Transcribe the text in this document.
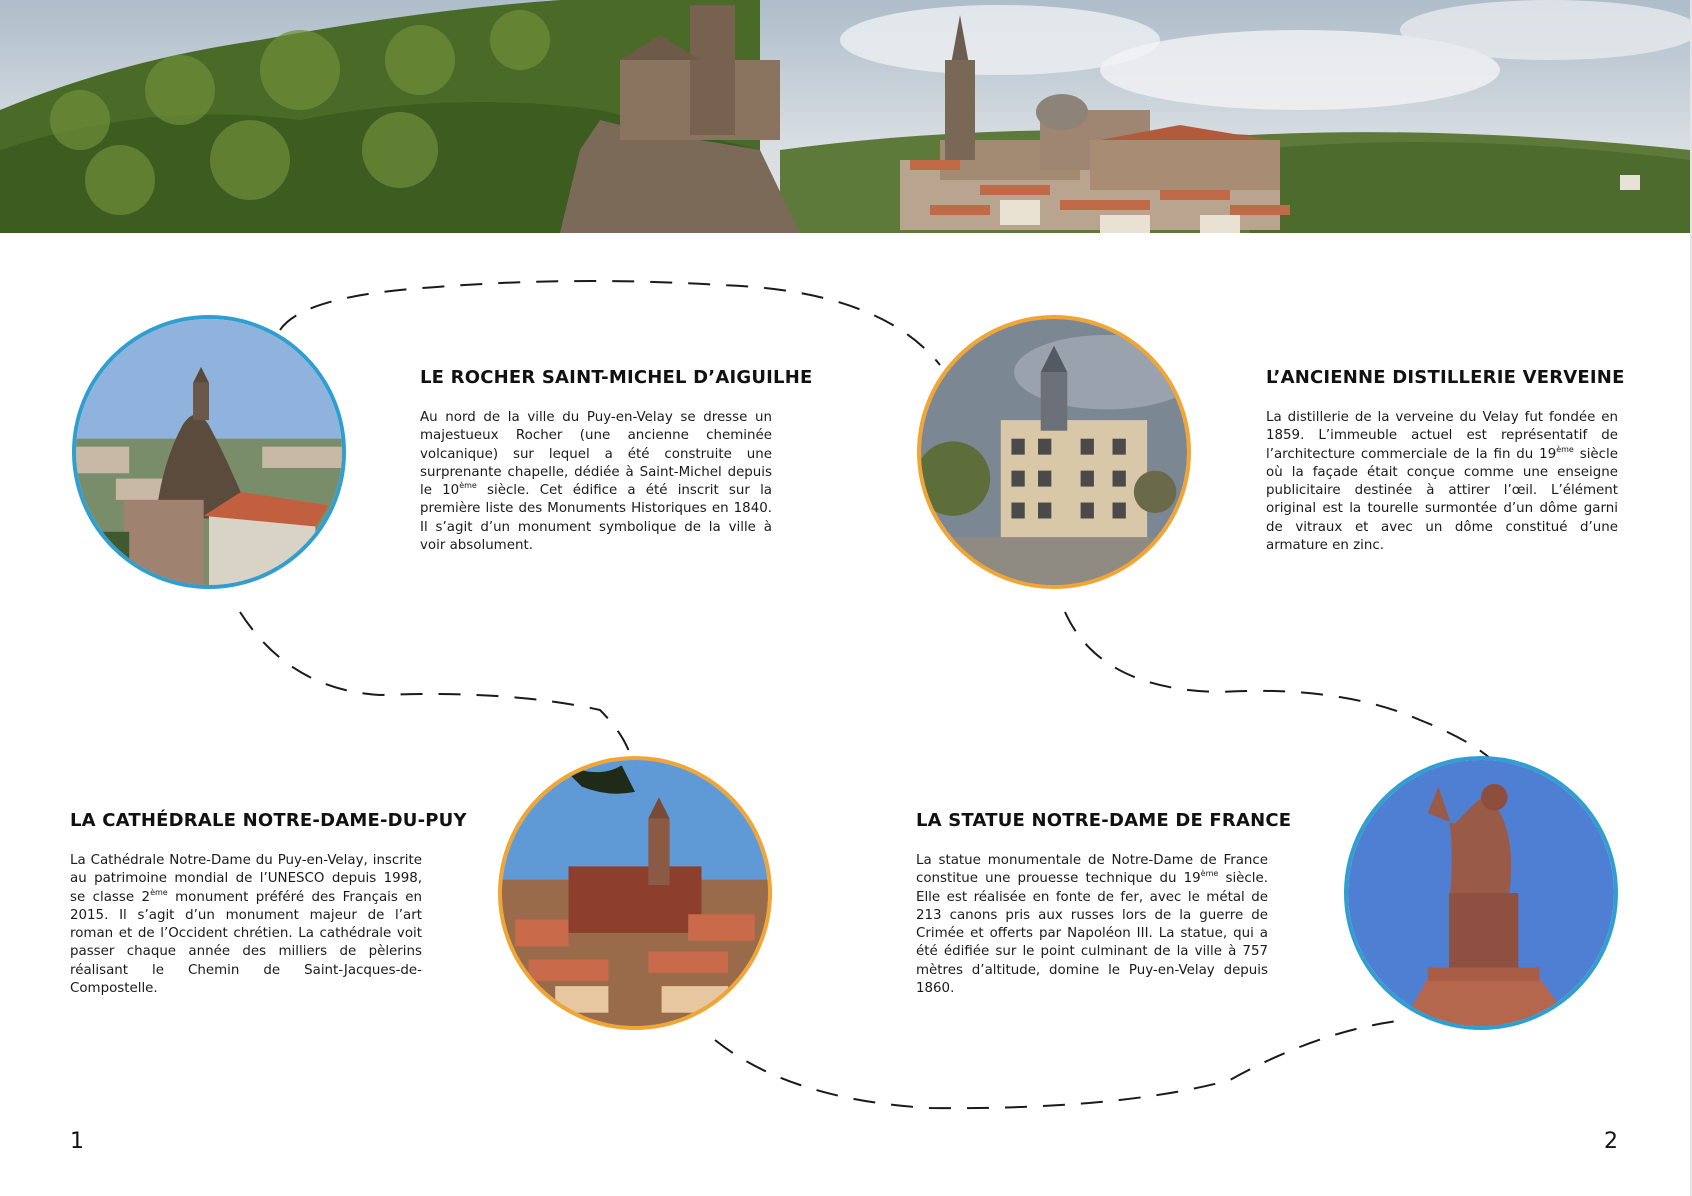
LE ROCHER SAINT-MICHEL D’AIGUILHE

Au nord de la ville du Puy-en-Velay se dresse un majestueux Rocher (une ancienne cheminée volcanique) sur lequel a été construite une surprenante chapelle, dédiée à Saint-Michel depuis le 10ème siècle. Cet édifice a été inscrit sur la première liste des Monuments Historiques en 1840. Il s’agit d’un monument symbolique de la ville à voir absolument.

L’ANCIENNE DISTILLERIE VERVEINE

La distillerie de la verveine du Velay fut fondée en 1859. L’immeuble actuel est représentatif de l’architecture commerciale de la fin du 19ème siècle où la façade était conçue comme une enseigne publicitaire destinée à attirer l’œil. L’élément original est la tourelle surmontée d’un dôme garni de vitraux et avec un dôme constitué d’une armature en zinc.

LA CATHÉDRALE NOTRE-DAME-DU-PUY

La Cathédrale Notre-Dame du Puy-en-Velay, inscrite au patrimoine mondial de l’UNESCO depuis 1998, se classe 2ème monument préféré des Français en 2015. Il s’agit d’un monument majeur de l’art roman et de l’Occident chrétien. La cathédrale voit passer chaque année des milliers de pèlerins réalisant le Chemin de Saint-Jacques-de-Compostelle.

LA STATUE NOTRE-DAME DE FRANCE

La statue monumentale de Notre-Dame de France constitue une prouesse technique du 19ème siècle. Elle est réalisée en fonte de fer, avec le métal de 213 canons pris aux russes lors de la guerre de Crimée et offerts par Napoléon III. La statue, qui a été édifiée sur le point culminant de la ville à 757 mètres d’altitude, domine le Puy-en-Velay depuis 1860.

1	2
